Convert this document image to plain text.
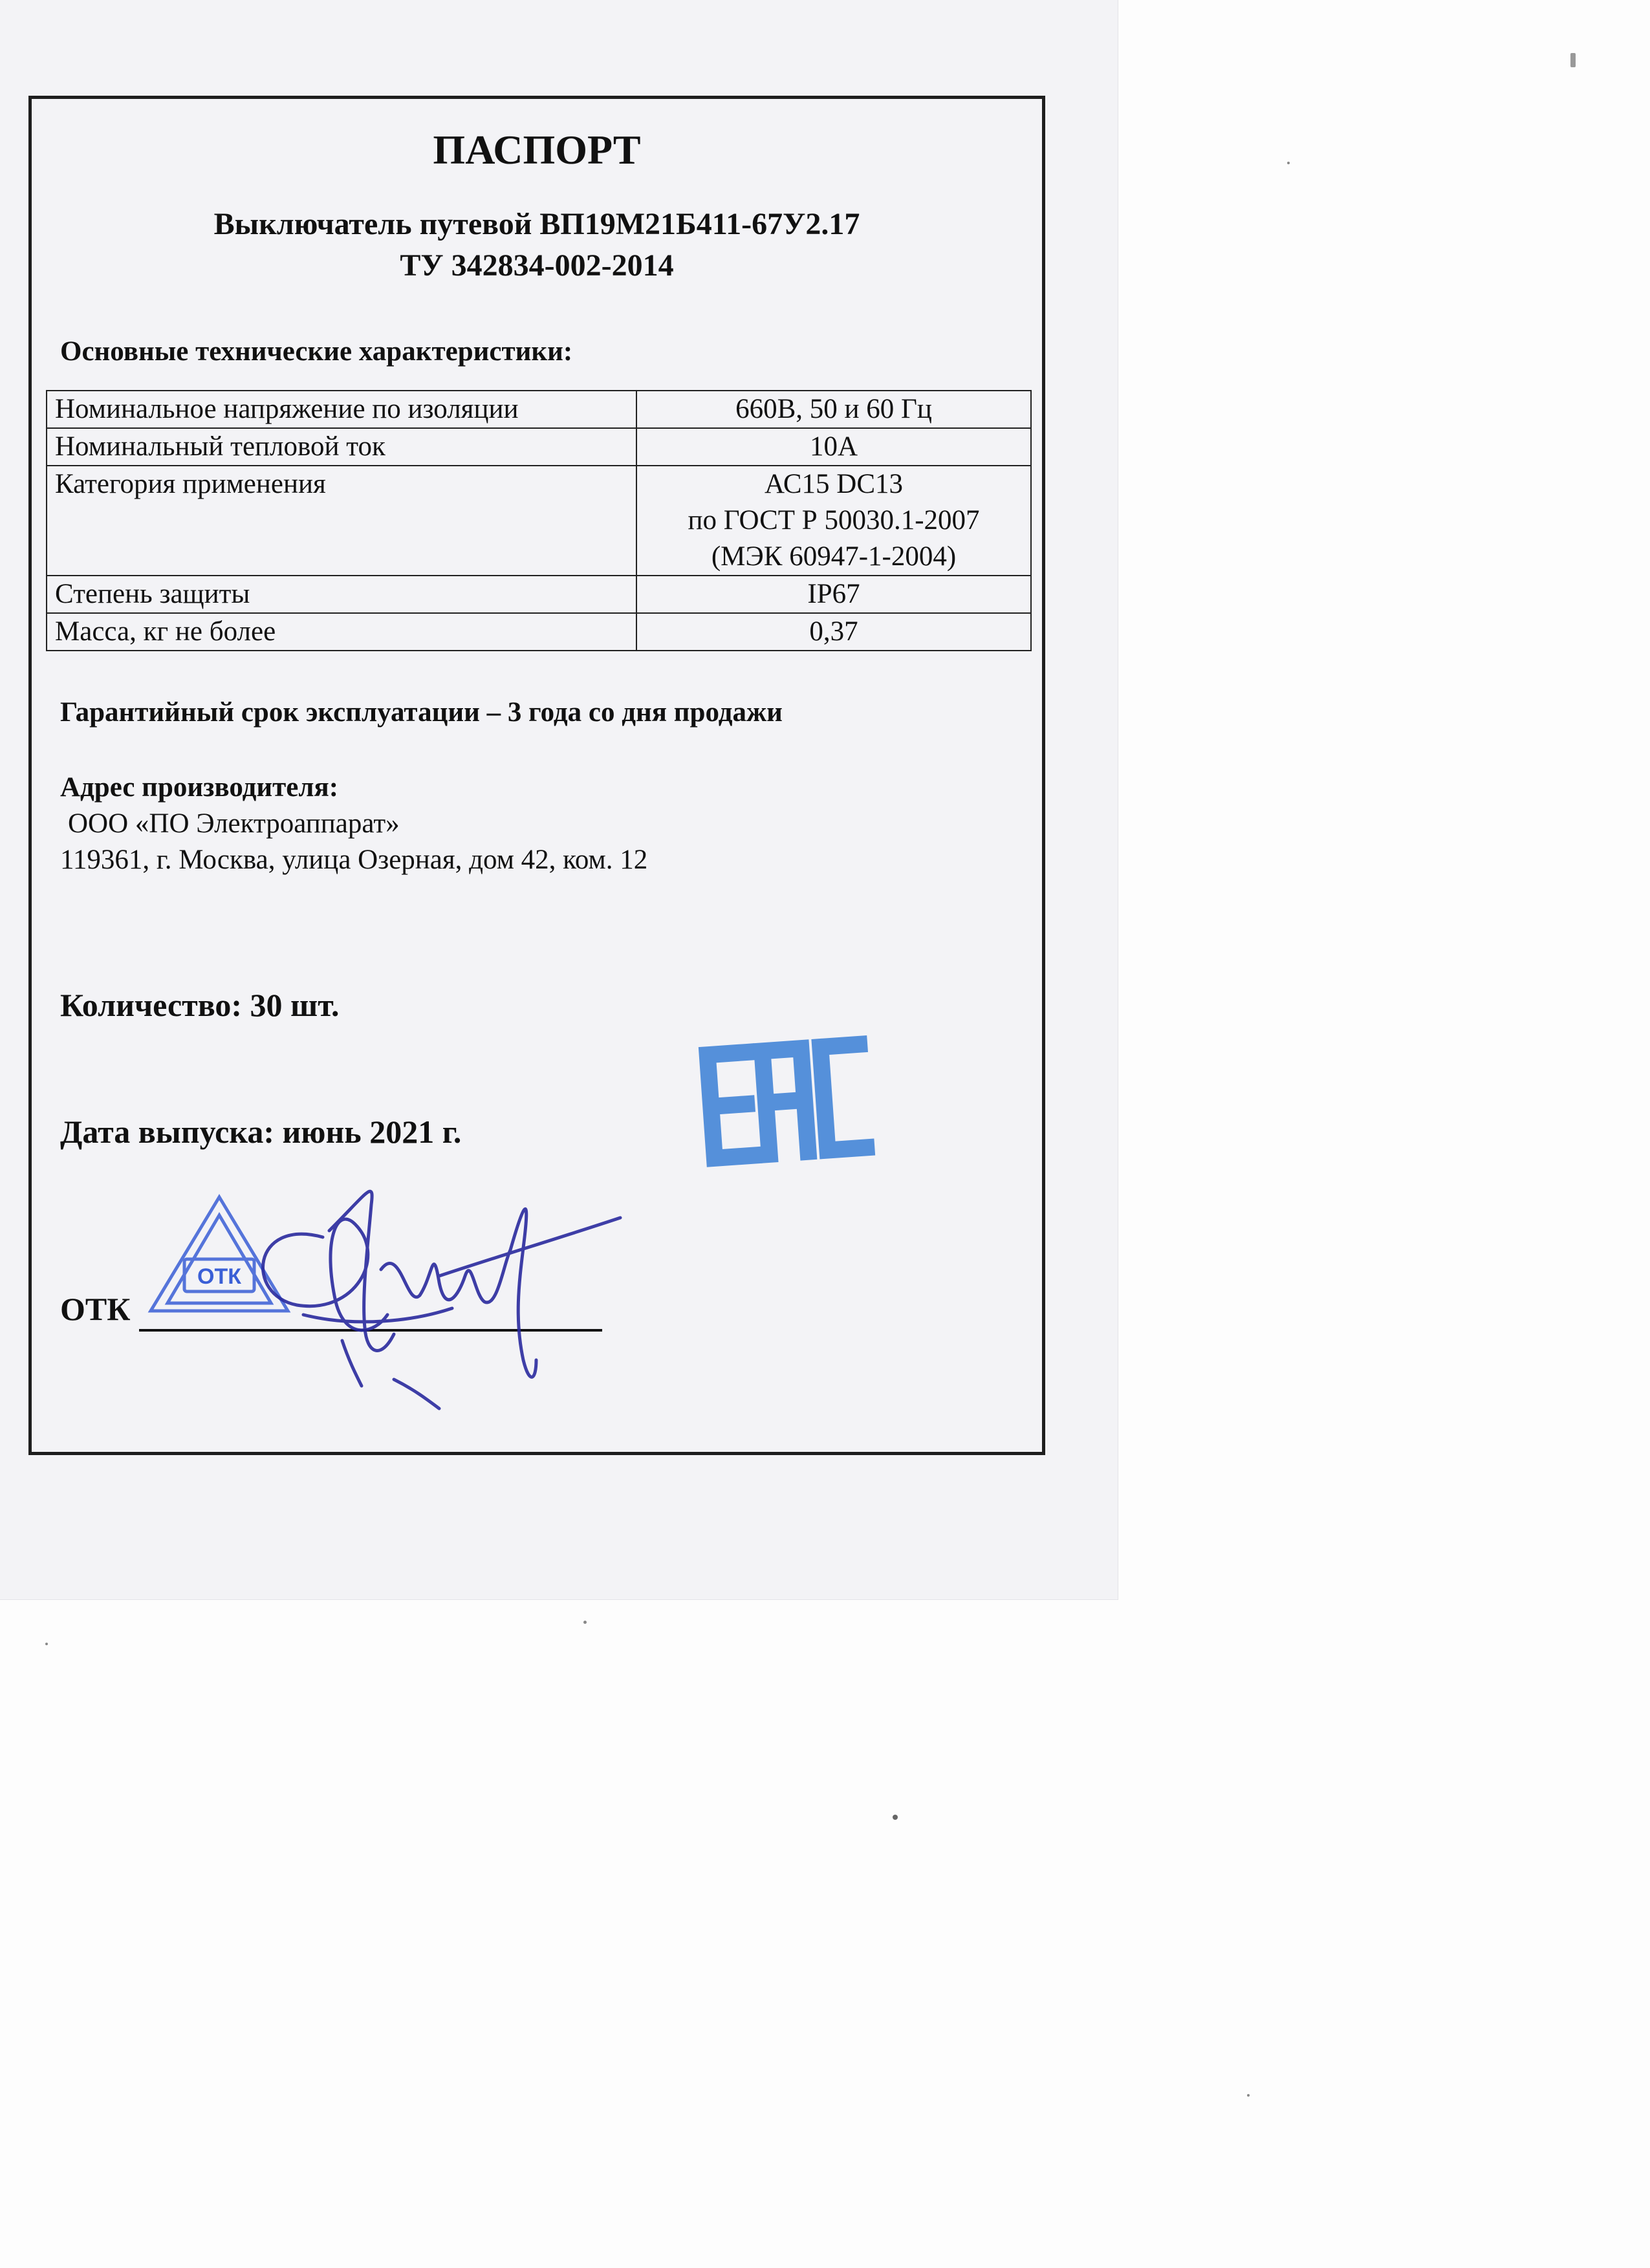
ПАСПОРТ
Выключатель путевой ВП19М21Б411-67У2.17
ТУ 342834-002-2014
Основные технические характеристики:
Номинальное напряжение по изоляции	660В, 50 и 60 Гц

Номинальный тепловой ток	10А

Категория применения	АС15 DC13
по ГОСТ Р 50030.1-2007
(МЭК 60947-1-2004)

Степень защиты	IP67

Масса, кг не более	0,37
Гарантийный срок эксплуатации – 3 года со дня продажи
Адрес производителя:
ООО «ПО Электроаппарат»
119361, г. Москва, улица Озерная, дом 42, ком. 12
Количество: 30 шт.
Дата выпуска: июнь 2021 г.
ОТК
ОТК
